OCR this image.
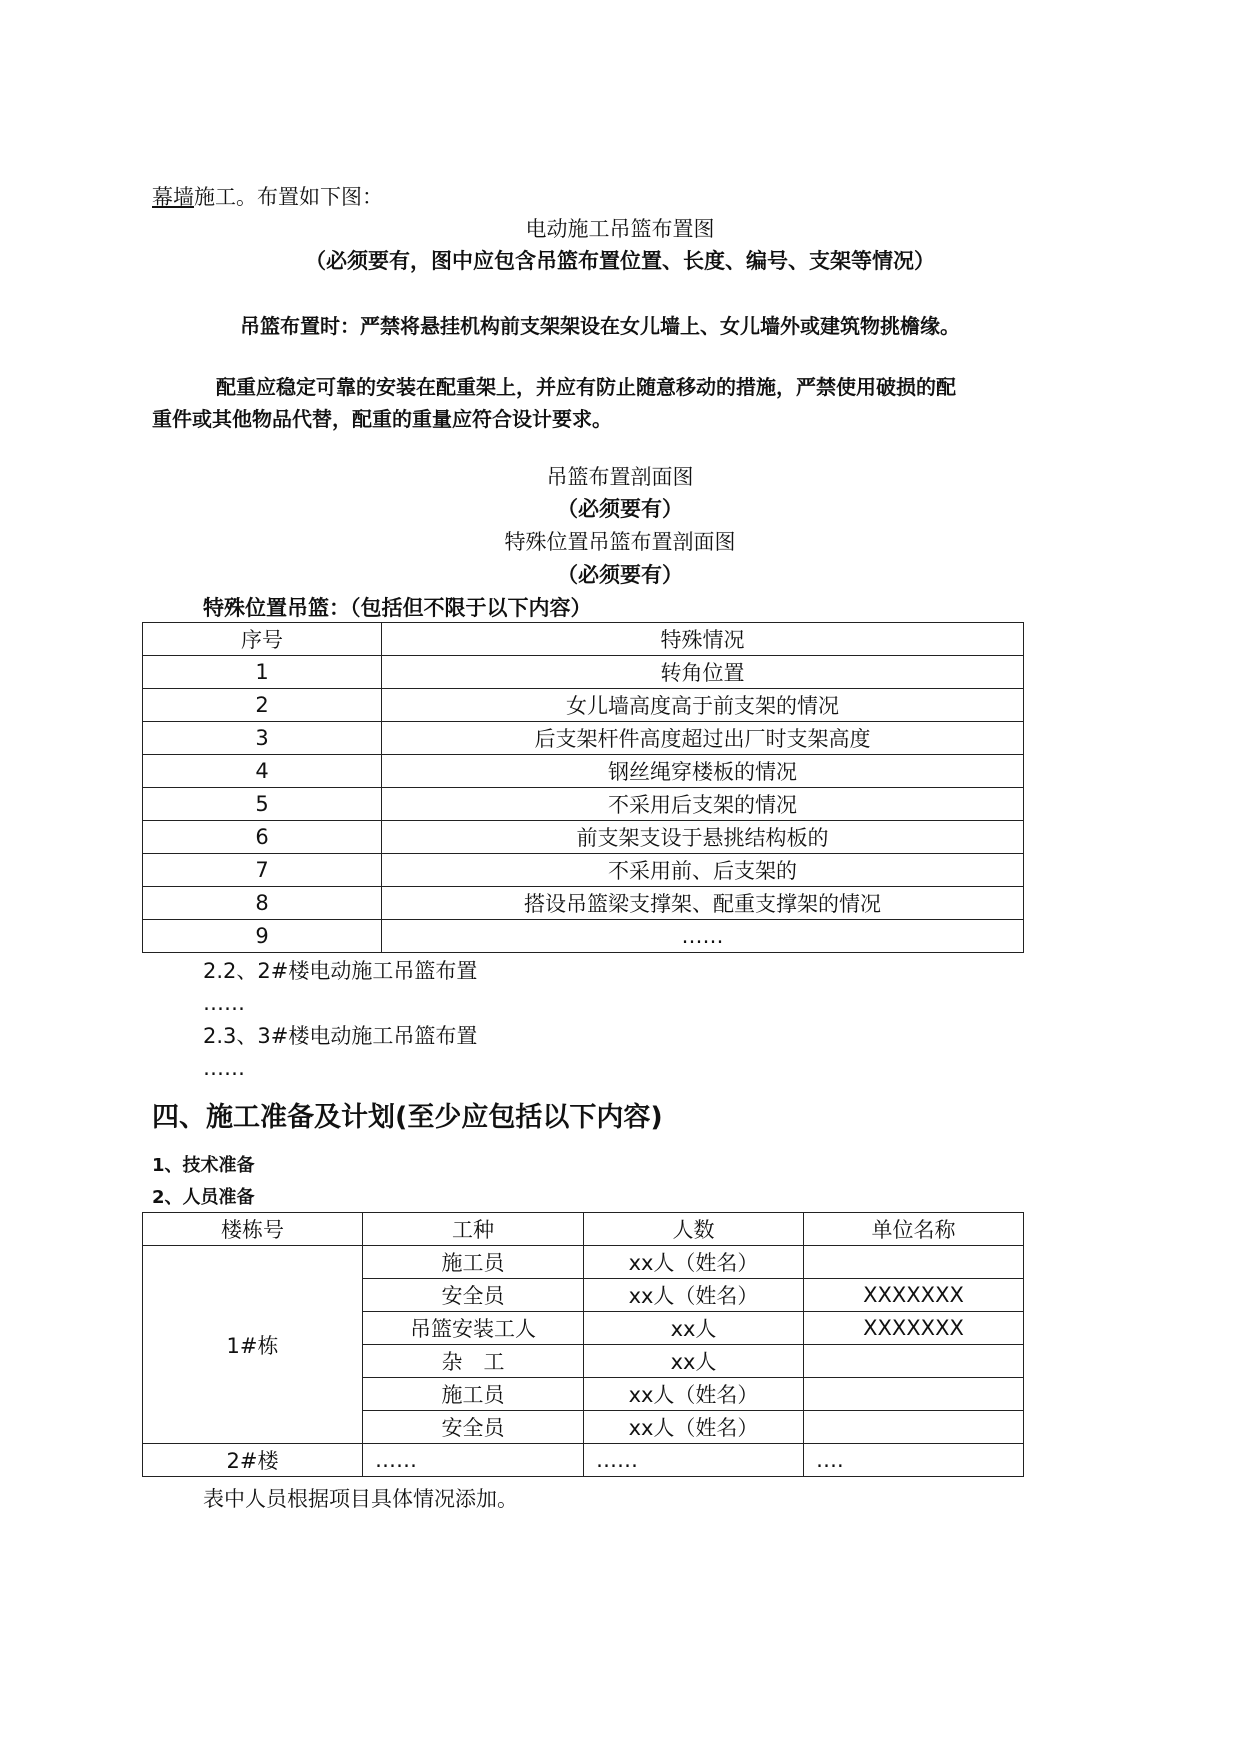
幕墙施工。布置如下图：
电动施工吊篮布置图
（必须要有，图中应包含吊篮布置位置、长度、编号、支架等情况）
吊篮布置时：严禁将悬挂机构前支架架设在女儿墙上、女儿墙外或建筑物挑檐缘。
配重应稳定可靠的安装在配重架上，并应有防止随意移动的措施，严禁使用破损的配
重件或其他物品代替，配重的重量应符合设计要求。
吊篮布置剖面图
（必须要有）
特殊位置吊篮布置剖面图
（必须要有）
特殊位置吊篮：（包括但不限于以下内容）
序号	特殊情况
1	转角位置
2	女儿墙高度高于前支架的情况
3	后支架杆件高度超过出厂时支架高度
4	钢丝绳穿楼板的情况
5	不采用后支架的情况
6	前支架支设于悬挑结构板的
7	不采用前、后支架的
8	搭设吊篮梁支撑架、配重支撑架的情况
9	……
2.2、2#楼电动施工吊篮布置
……
2.3、3#楼电动施工吊篮布置
……
四、施工准备及计划(至少应包括以下内容)
1、技术准备
2、人员准备
楼栋号	工种	人数	单位名称
1#栋	施工员	xx人（姓名）	
	安全员	xx人（姓名）	XXXXXXX
	吊篮安装工人	xx人	XXXXXXX
	杂　工	xx人	
	施工员	xx人（姓名）	
	安全员	xx人（姓名）	
2#楼	……	……	….
表中人员根据项目具体情况添加。
